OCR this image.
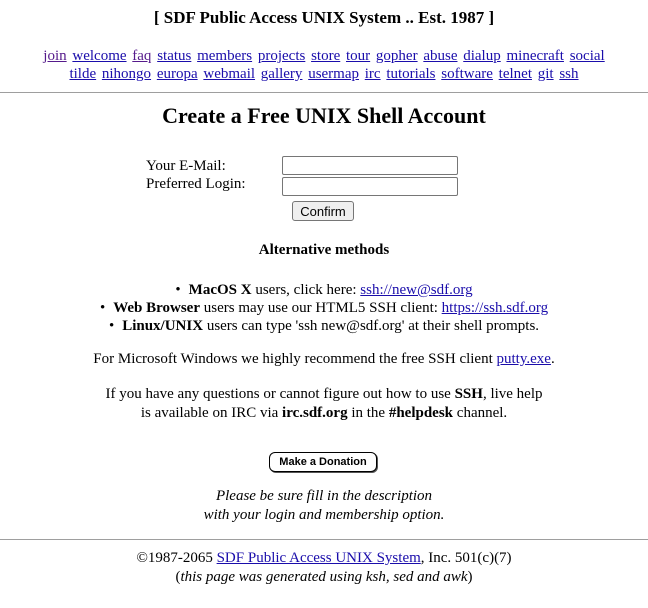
[ SDF Public Access UNIX System .. Est. 1987 ]
join welcome faq status members projects store tour gopher abuse dialup minecraft social
tilde nihongo europa webmail gallery usermap irc tutorials software telnet git ssh
Create a Free UNIX Shell Account
Your E-Mail:
Preferred Login:
Confirm
Alternative methods
• MacOS X users, click here: ssh://new@sdf.org
• Web Browser users may use our HTML5 SSH client: https://ssh.sdf.org
• Linux/UNIX users can type 'ssh new@sdf.org' at their shell prompts.
For Microsoft Windows we highly recommend the free SSH client putty.exe.
If you have any questions or cannot figure out how to use SSH, live help
is available on IRC via irc.sdf.org in the #helpdesk channel.
Make a Donation
Please be sure fill in the description
with your login and membership option.
©1987-2065 SDF Public Access UNIX System, Inc. 501(c)(7)
(this page was generated using ksh, sed and awk)
